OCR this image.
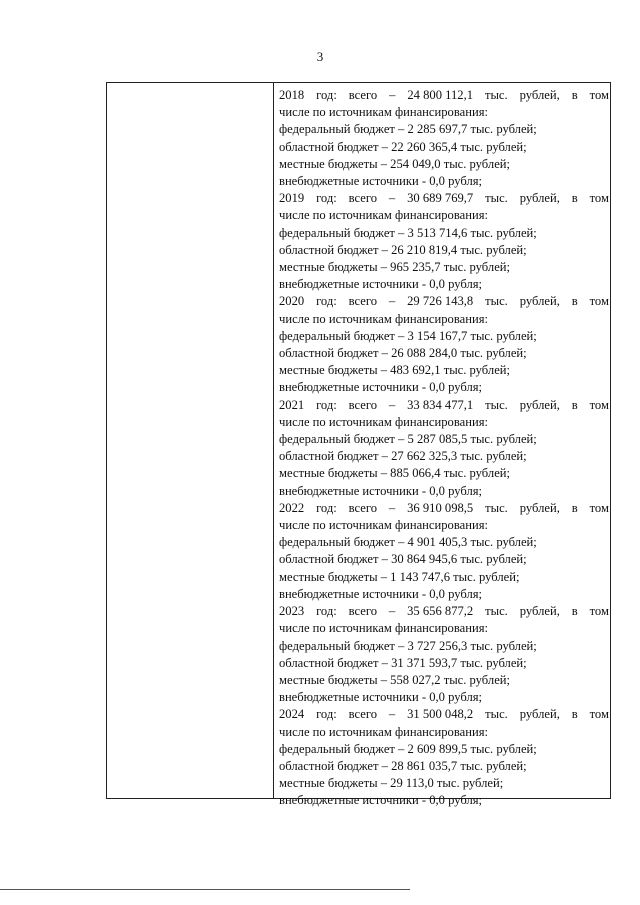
3
2018 год: всего – 24 800 112,1 тыс. рублей, в том
числе по источникам финансирования:
федеральный бюджет – 2 285 697,7 тыс. рублей;
областной бюджет – 22 260 365,4 тыс. рублей;
местные бюджеты – 254 049,0 тыс. рублей;
внебюджетные источники - 0,0 рубля;
2019 год: всего – 30 689 769,7 тыс. рублей, в том
числе по источникам финансирования:
федеральный бюджет – 3 513 714,6 тыс. рублей;
областной бюджет – 26 210 819,4 тыс. рублей;
местные бюджеты – 965 235,7 тыс. рублей;
внебюджетные источники - 0,0 рубля;
2020 год: всего – 29 726 143,8 тыс. рублей, в том
числе по источникам финансирования:
федеральный бюджет – 3 154 167,7 тыс. рублей;
областной бюджет – 26 088 284,0 тыс. рублей;
местные бюджеты – 483 692,1 тыс. рублей;
внебюджетные источники - 0,0 рубля;
2021 год: всего – 33 834 477,1 тыс. рублей, в том
числе по источникам финансирования:
федеральный бюджет – 5 287 085,5 тыс. рублей;
областной бюджет – 27 662 325,3 тыс. рублей;
местные бюджеты – 885 066,4 тыс. рублей;
внебюджетные источники - 0,0 рубля;
2022 год: всего – 36 910 098,5 тыс. рублей, в том
числе по источникам финансирования:
федеральный бюджет – 4 901 405,3 тыс. рублей;
областной бюджет – 30 864 945,6 тыс. рублей;
местные бюджеты – 1 143 747,6 тыс. рублей;
внебюджетные источники - 0,0 рубля;
2023 год: всего – 35 656 877,2 тыс. рублей, в том
числе по источникам финансирования:
федеральный бюджет – 3 727 256,3 тыс. рублей;
областной бюджет – 31 371 593,7 тыс. рублей;
местные бюджеты – 558 027,2 тыс. рублей;
внебюджетные источники - 0,0 рубля;
2024 год: всего – 31 500 048,2 тыс. рублей, в том
числе по источникам финансирования:
федеральный бюджет – 2 609 899,5 тыс. рублей;
областной бюджет – 28 861 035,7 тыс. рублей;
местные бюджеты – 29 113,0 тыс. рублей;
внебюджетные источники - 0,0 рубля;
